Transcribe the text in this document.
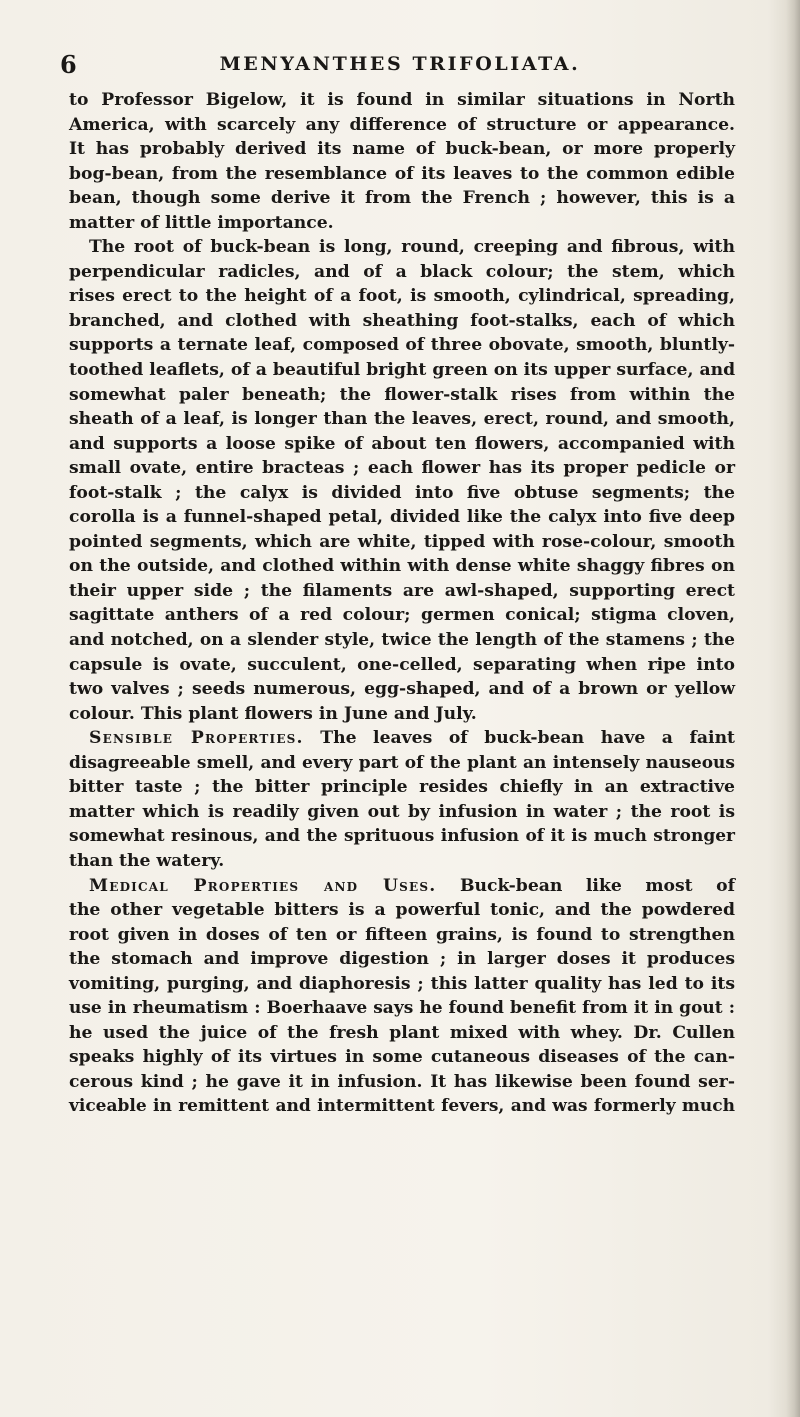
6	MENYANTHES TRIFOLIATA.
to Professor Bigelow, it is found in similar situations in North
America, with scarcely any difference of structure or appearance.
It has probably derived its name of buck-bean, or more properly
bog-bean, from the resemblance of its leaves to the common edible
bean, though some derive it from the French ; however, this is a
matter of little importance.
The root of buck-bean is long, round, creeping and fibrous, with
perpendicular radicles, and of a black colour; the stem, which
rises erect to the height of a foot, is smooth, cylindrical, spreading,
branched, and clothed with sheathing foot-stalks, each of which
supports a ternate leaf, composed of three obovate, smooth, bluntly-
toothed leaflets, of a beautiful bright green on its upper surface, and
somewhat paler beneath; the flower-stalk rises from within the
sheath of a leaf, is longer than the leaves, erect, round, and smooth,
and supports a loose spike of about ten flowers, accompanied with
small ovate, entire bracteas ; each flower has its proper pedicle or
foot-stalk ; the calyx is divided into five obtuse segments; the
corolla is a funnel-shaped petal, divided like the calyx into five deep
pointed segments, which are white, tipped with rose-colour, smooth
on the outside, and clothed within with dense white shaggy fibres on
their upper side ; the filaments are awl-shaped, supporting erect
sagittate anthers of a red colour; germen conical; stigma cloven,
and notched, on a slender style, twice the length of the stamens ; the
capsule is ovate, succulent, one-celled, separating when ripe into
two valves ; seeds numerous, egg-shaped, and of a brown or yellow
colour. This plant flowers in June and July.
Sensible Properties. The leaves of buck-bean have a faint
disagreeable smell, and every part of the plant an intensely nauseous
bitter taste ; the bitter principle resides chiefly in an extractive
matter which is readily given out by infusion in water ; the root is
somewhat resinous, and the sprituous infusion of it is much stronger
than the watery.
Medical Properties and Uses. Buck-bean like most of
the other vegetable bitters is a powerful tonic, and the powdered
root given in doses of ten or fifteen grains, is found to strengthen
the stomach and improve digestion ; in larger doses it produces
vomiting, purging, and diaphoresis ; this latter quality has led to its
use in rheumatism : Boerhaave says he found benefit from it in gout :
he used the juice of the fresh plant mixed with whey. Dr. Cullen
speaks highly of its virtues in some cutaneous diseases of the can-
cerous kind ; he gave it in infusion. It has likewise been found ser-
viceable in remittent and intermittent fevers, and was formerly much
